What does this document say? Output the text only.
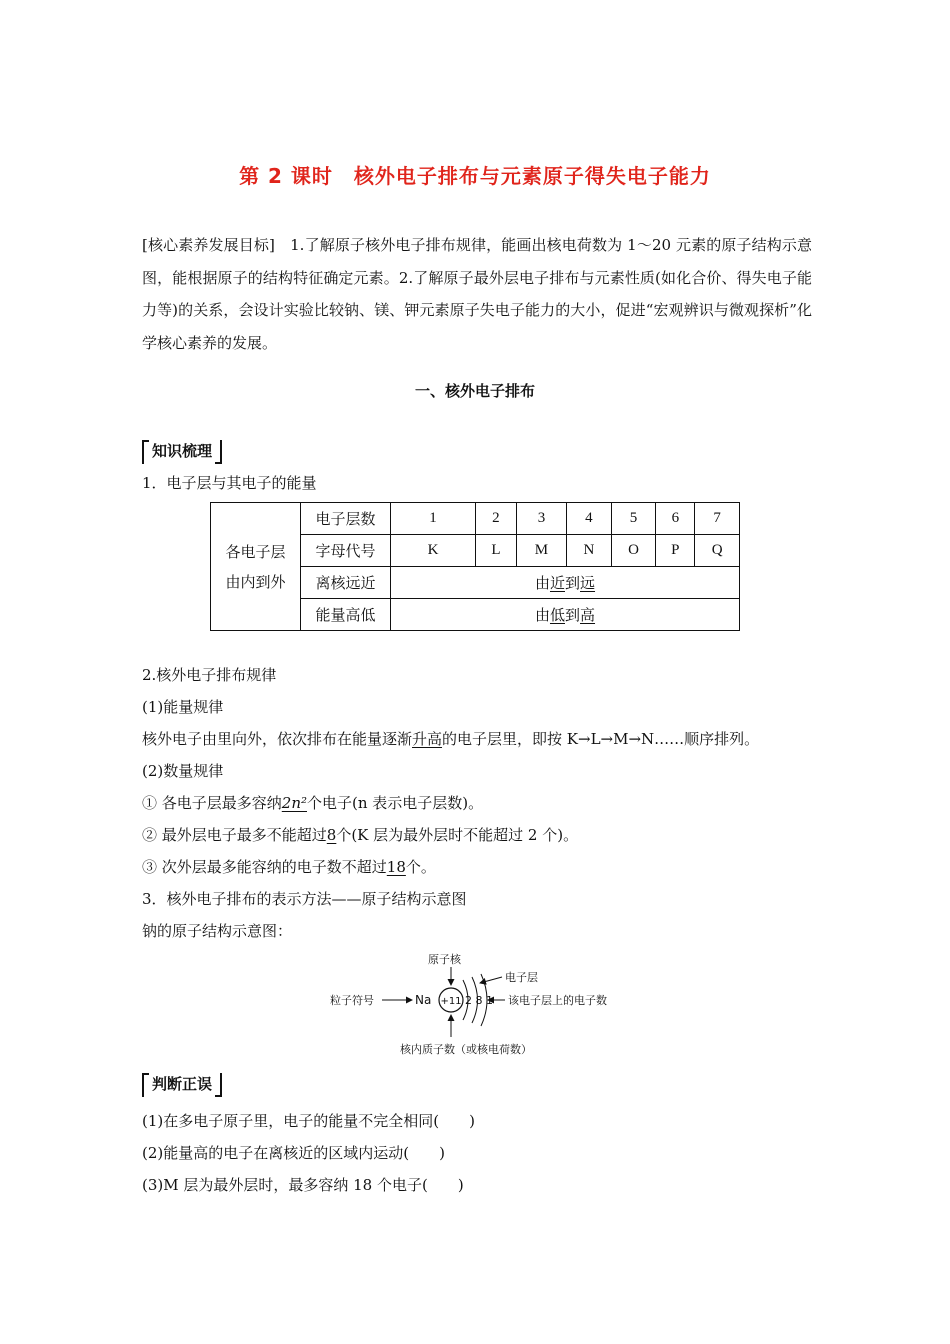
第 2 课时　核外电子排布与元素原子得失电子能力
[核心素养发展目标]　1.了解原子核外电子排布规律，能画出核电荷数为 1～20 元素的原子结构示意图，能根据原子的结构特征确定元素。2.了解原子最外层电子排布与元素性质(如化合价、得失电子能力等)的关系，会设计实验比较钠、镁、钾元素原子失电子能力的大小，促进“宏观辨识与微观探析”化学核心素养的发展。
一、核外电子排布
知识梳理
1．电子层与其电子的能量
各电子层
由内到外	电子层数	1	2	3	4	5	6	7
	字母代号	K	L	M	N	O	P	Q
	离核远近	由近到远						
	能量高低	由低到高						
2.核外电子排布规律
(1)能量规律
核外电子由里向外，依次排布在能量逐渐升高的电子层里，即按 K→L→M→N……顺序排列。
(2)数量规律
① 各电子层最多容纳2n²个电子(n 表示电子层数)。
② 最外层电子最多不能超过8个(K 层为最外层时不能超过 2 个)。
③ 次外层最多能容纳的电子数不超过18个。
3．核外电子排布的表示方法——原子结构示意图
钠的原子结构示意图：
原子核
电子层
粒子符号	Na +11 2 8 1 该电子层上的电子数
核内质子数（或核电荷数）
判断正误
(1)在多电子原子里，电子的能量不完全相同(　　)
(2)能量高的电子在离核近的区域内运动(　　)
(3)M 层为最外层时，最多容纳 18 个电子(　　)
